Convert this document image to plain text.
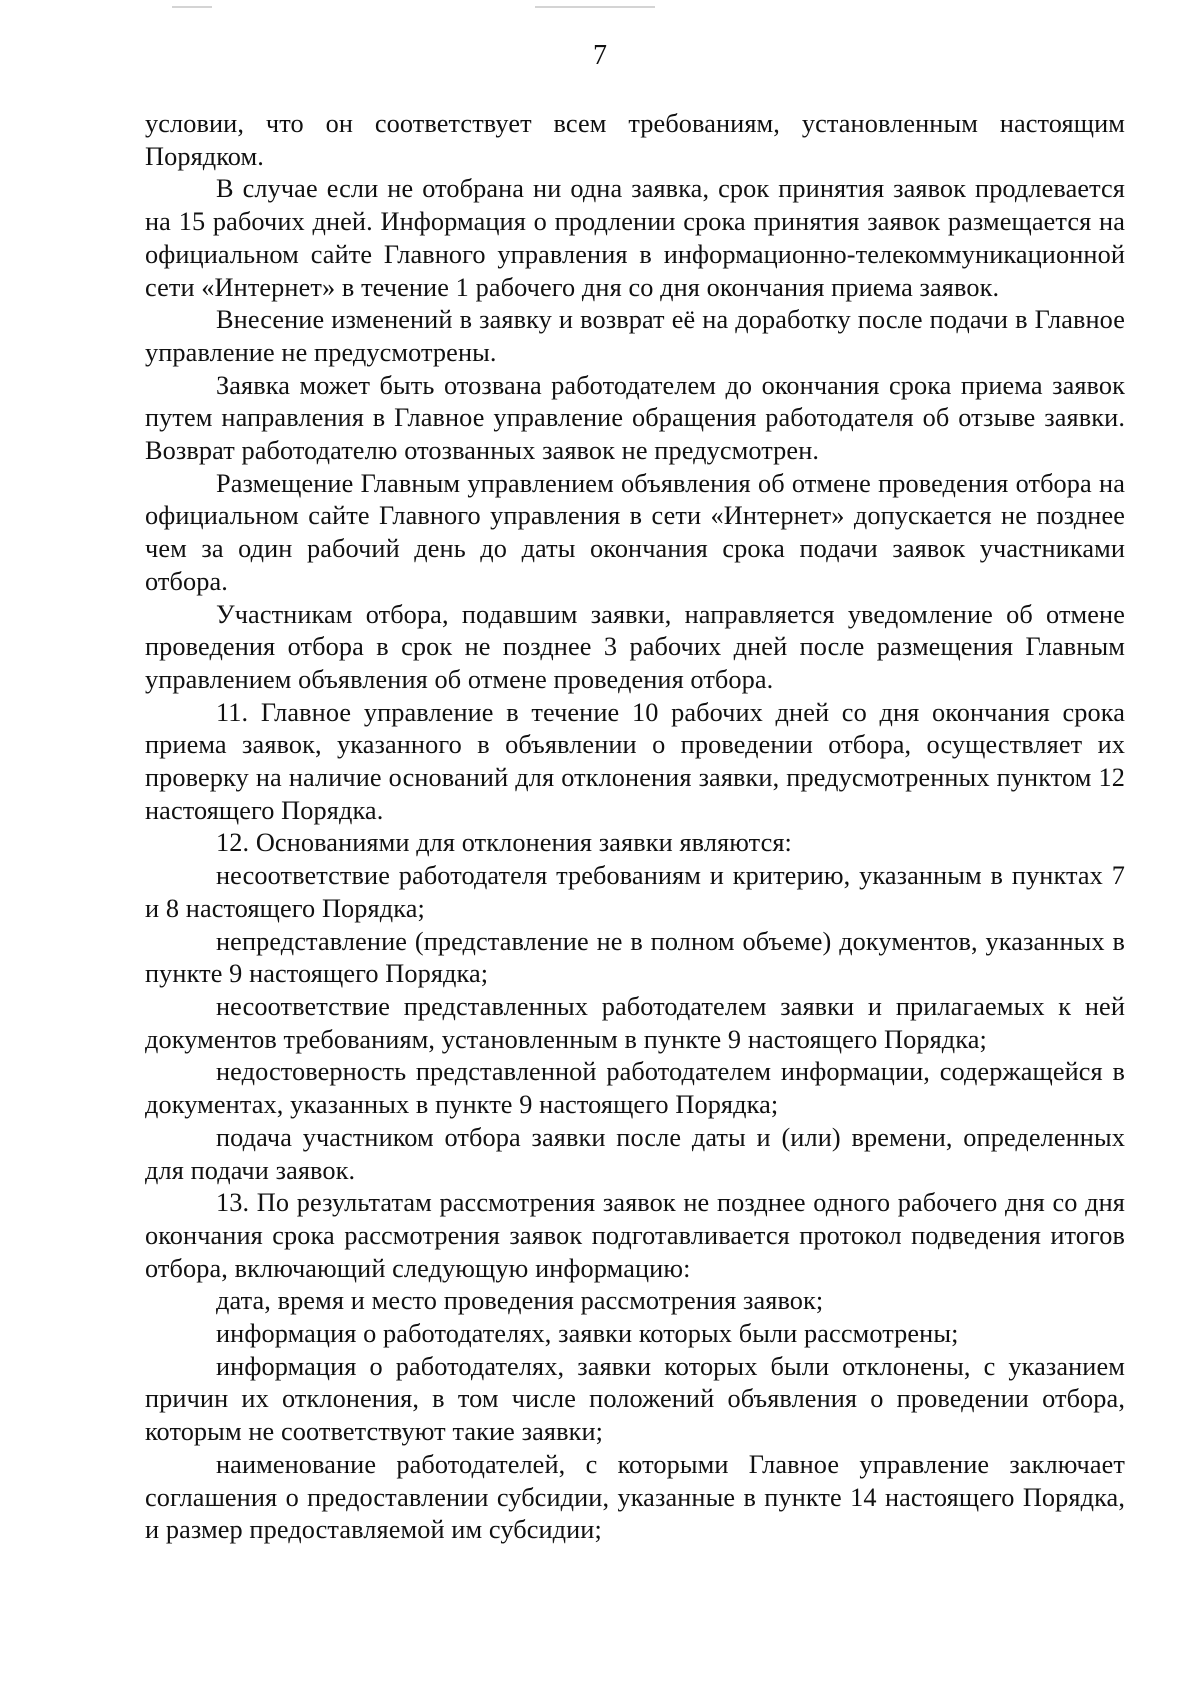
7

условии, что он соответствует всем требованиям, установленным настоящим Порядком.

В случае если не отобрана ни одна заявка, срок принятия заявок продлевается на 15 рабочих дней. Информация о продлении срока принятия заявок размещается на официальном сайте Главного управления в информационно-телекоммуникационной сети «Интернет» в течение 1 рабочего дня со дня окончания приема заявок.

Внесение изменений в заявку и возврат её на доработку после подачи в Главное управление не предусмотрены.

Заявка может быть отозвана работодателем до окончания срока приема заявок путем направления в Главное управление обращения работодателя об отзыве заявки. Возврат работодателю отозванных заявок не предусмотрен.

Размещение Главным управлением объявления об отмене проведения отбора на официальном сайте Главного управления в сети «Интернет» допускается не позднее чем за один рабочий день до даты окончания срока подачи заявок участниками отбора.

Участникам отбора, подавшим заявки, направляется уведомление об отмене проведения отбора в срок не позднее 3 рабочих дней после размещения Главным управлением объявления об отмене проведения отбора.

11. Главное управление в течение 10 рабочих дней со дня окончания срока приема заявок, указанного в объявлении о проведении отбора, осуществляет их проверку на наличие оснований для отклонения заявки, предусмотренных пунктом 12 настоящего Порядка.

12. Основаниями для отклонения заявки являются:

несоответствие работодателя требованиям и критерию, указанным в пунктах 7 и 8 настоящего Порядка;

непредставление (представление не в полном объеме) документов, указанных в пункте 9 настоящего Порядка;

несоответствие представленных работодателем заявки и прилагаемых к ней документов требованиям, установленным в пункте 9 настоящего Порядка;

недостоверность представленной работодателем информации, содержащейся в документах, указанных в пункте 9 настоящего Порядка;

подача участником отбора заявки после даты и (или) времени, определенных для подачи заявок.

13. По результатам рассмотрения заявок не позднее одного рабочего дня со дня окончания срока рассмотрения заявок подготавливается протокол подведения итогов отбора, включающий следующую информацию:

дата, время и место проведения рассмотрения заявок;

информация о работодателях, заявки которых были рассмотрены;

информация о работодателях, заявки которых были отклонены, с указанием причин их отклонения, в том числе положений объявления о проведении отбора, которым не соответствуют такие заявки;

наименование работодателей, с которыми Главное управление заключает соглашения о предоставлении субсидии, указанные в пункте 14 настоящего Порядка, и размер предоставляемой им субсидии;
